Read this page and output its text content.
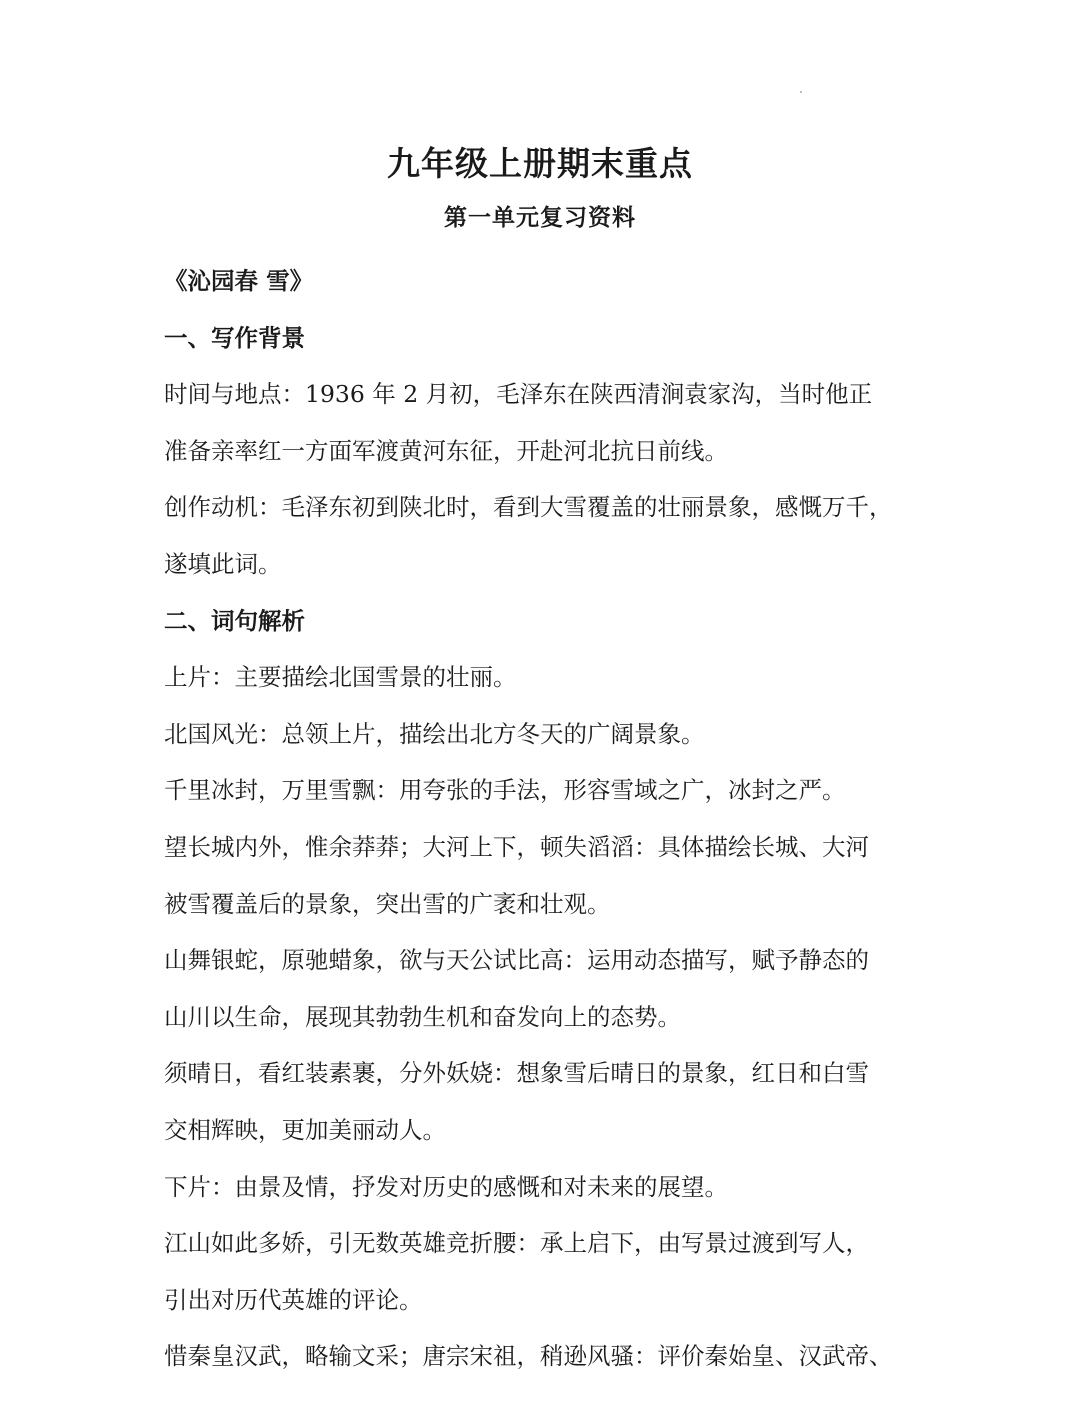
九年级上册期末重点
第一单元复习资料
《沁园春 雪》
一、写作背景
时间与地点：1936 年 2 月初，毛泽东在陕西清涧袁家沟，当时他正
准备亲率红一方面军渡黄河东征，开赴河北抗日前线。
创作动机：毛泽东初到陕北时，看到大雪覆盖的壮丽景象，感慨万千，
遂填此词。
二、词句解析
上片：主要描绘北国雪景的壮丽。
北国风光：总领上片，描绘出北方冬天的广阔景象。
千里冰封，万里雪飘：用夸张的手法，形容雪域之广，冰封之严。
望长城内外，惟余莽莽；大河上下，顿失滔滔：具体描绘长城、大河
被雪覆盖后的景象，突出雪的广袤和壮观。
山舞银蛇，原驰蜡象，欲与天公试比高：运用动态描写，赋予静态的
山川以生命，展现其勃勃生机和奋发向上的态势。
须晴日，看红装素裹，分外妖娆：想象雪后晴日的景象，红日和白雪
交相辉映，更加美丽动人。
下片：由景及情，抒发对历史的感慨和对未来的展望。
江山如此多娇，引无数英雄竞折腰：承上启下，由写景过渡到写人，
引出对历代英雄的评论。
惜秦皇汉武，略输文采；唐宗宋祖，稍逊风骚：评价秦始皇、汉武帝、
